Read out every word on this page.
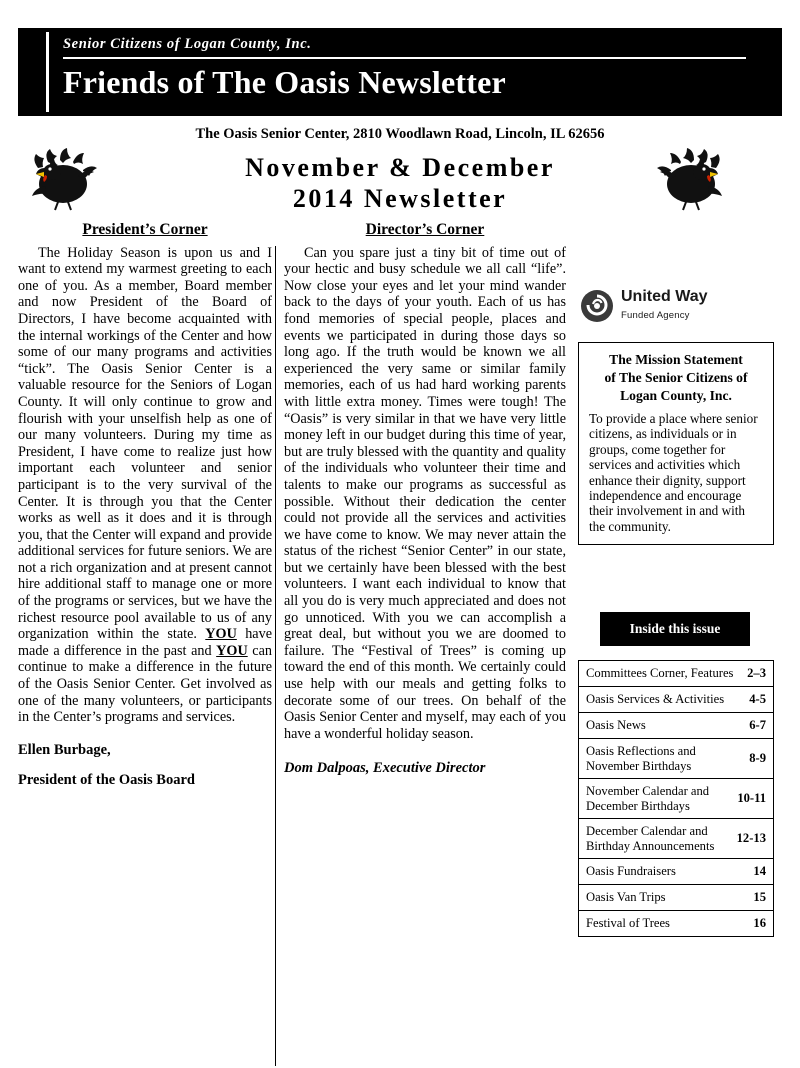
Senior Citizens of Logan County, Inc.
Friends of The Oasis Newsletter
The Oasis Senior Center, 2810 Woodlawn Road, Lincoln, IL 62656
November & December
2014 Newsletter
President’s Corner

The Holiday Season is upon us and I want to extend my warmest greeting to each one of you. As a member, Board member and now President of the Board of Directors, I have become acquainted with the internal workings of the Center and how some of our many programs and activities “tick”. The Oasis Senior Center is a valuable resource for the Seniors of Logan County. It will only continue to grow and flourish with your unselfish help as one of our many volunteers. During my time as President, I have come to realize just how important each volunteer and senior participant is to the very survival of the Center. It is through you that the Center works as well as it does and it is through you, that the Center will expand and provide additional services for future seniors. We are not a rich organization and at present cannot hire additional staff to manage one or more of the programs or services, but we have the richest resource pool available to us of any organization within the state. YOU have made a difference in the past and YOU can continue to make a difference in the future of the Oasis Senior Center. Get involved as one of the many volunteers, or participants in the Center’s programs and services.

Ellen Burbage,
President of the Oasis Board
Director’s Corner

Can you spare just a tiny bit of time out of your hectic and busy schedule we all call “life”. Now close your eyes and let your mind wander back to the days of your youth. Each of us has fond memories of special people, places and events we participated in during those days so long ago. If the truth would be known we all experienced the very same or similar family memories, each of us had hard working parents with little extra money. Times were tough! The “Oasis” is very similar in that we have very little money left in our budget during this time of year, but are truly blessed with the quantity and quality of the individuals who volunteer their time and talents to make our programs as successful as possible. Without their dedication the center could not provide all the services and activities we have come to know. We may never attain the status of the richest “Senior Center” in our state, but we certainly have been blessed with the best volunteers. I want each individual to know that all you do is very much appreciated and does not go unnoticed. With you we can accomplish a great deal, but without you we are doomed to failure. The “Festival of Trees” is coming up toward the end of this month. We certainly could use help with our meals and getting folks to decorate some of our trees. On behalf of the Oasis Senior Center and myself, may each of you have a wonderful holiday season.

Dom Dalpoas, Executive Director
United Way
Funded Agency
The Mission Statement
of The Senior Citizens of
Logan County, Inc.
To provide a place where senior citizens, as individuals or in groups, come together for services and activities which enhance their dignity, support independence and encourage their involvement in and with the community.
Inside this issue
Committees Corner, Features	2–3
Oasis Services & Activities	4-5
Oasis News	6-7
Oasis Reflections and November Birthdays
8-9
November Calendar and December Birthdays
10-11
December Calendar and Birthday Announcements
12-13
Oasis Fundraisers	14
Oasis Van Trips	15
Festival of Trees	16
